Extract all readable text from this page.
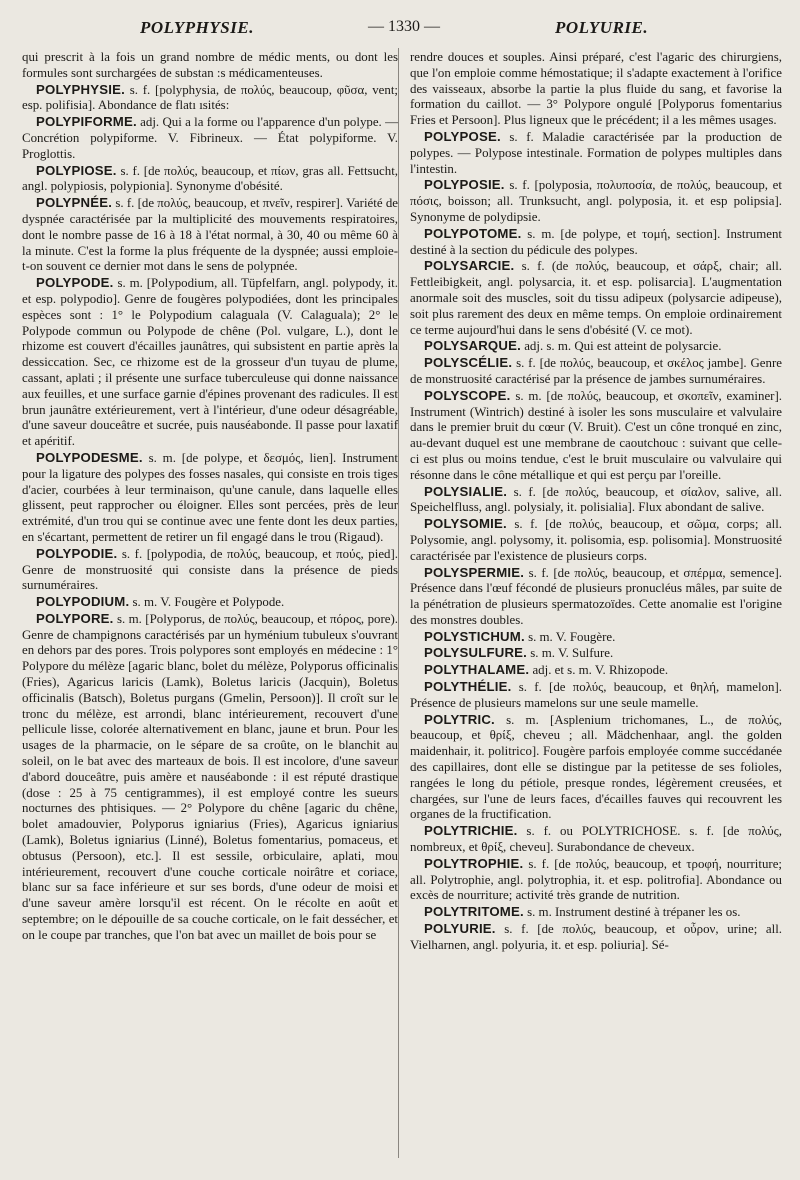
POLYPHYSIE.	— 1330 —	POLYURIE.

qui prescrit à la fois un grand nombre de médic ments, ou dont les formules sont surchargées de substan :s médicamenteuses.

POLYPHYSIE. s. f. [polyphysia, de πολύς, beaucoup, φῦσα, vent; esp. polifisia]. Abondance de flatı ısités:

POLYPIFORME. adj. Qui a la forme ou l'apparence d'un polype. — Concrétion polypiforme. V. Fibrineux. — État polypiforme. V. Proglottis.

POLYPIOSE. s. f. [de πολύς, beaucoup, et πίων, gras all. Fettsucht, angl. polypiosis, polypionia]. Synonyme d'obésité.

POLYPNÉE. s. f. [de πολύς, beaucoup, et πνεῖν, respirer]. Variété de dyspnée caractérisée par la multiplicité des mouvements respiratoires, dont le nombre passe de 16 à 18 à l'état normal, à 30, 40 ou même 60 à la minute. C'est la forme la plus fréquente de la dyspnée; aussi emploie-t-on souvent ce dernier mot dans le sens de polypnée.

POLYPODE. s. m. [Polypodium, all. Tüpfelfarn, angl. polypody, it. et esp. polypodio]. Genre de fougères polypodiées, dont les principales espèces sont : 1° le Polypodium calaguala (V. Calaguala); 2° le Polypode commun ou Polypode de chêne (Pol. vulgare, L.), dont le rhizome est couvert d'écailles jaunâtres, qui subsistent en partie après la dessiccation. Sec, ce rhizome est de la grosseur d'un tuyau de plume, cassant, aplati ; il présente une surface tuberculeuse qui donne naissance aux feuilles, et une surface garnie d'épines provenant des radicules. Il est brun jaunâtre extérieurement, vert à l'intérieur, d'une odeur désagréable, d'une saveur douceâtre et sucrée, puis nauséabonde. Il passe pour laxatif et apéritif.

POLYPODESME. s. m. [de polype, et δεσμός, lien]. Instrument pour la ligature des polypes des fosses nasales, qui consiste en trois tiges d'acier, courbées à leur terminaison, qu'une canule, dans laquelle elles glissent, peut rapprocher ou éloigner. Elles sont percées, près de leur extrémité, d'un trou qui se continue avec une fente dont les deux parties, en s'écartant, permettent de retirer un fil engagé dans le trou (Rigaud).

POLYPODIE. s. f. [polypodia, de πολύς, beaucoup, et πούς, pied]. Genre de monstruosité qui consiste dans la présence de pieds surnuméraires.

POLYPODIUM. s. m. V. Fougère et Polypode.

POLYPORE. s. m. [Polyporus, de πολύς, beaucoup, et πόρος, pore). Genre de champignons caractérisés par un hyménium tubuleux s'ouvrant en dehors par des pores. Trois polypores sont employés en médecine : 1° Polypore du mélèze [agaric blanc, bolet du mélèze, Polyporus officinalis (Fries), Agaricus laricis (Lamk), Boletus laricis (Jacquin), Boletus officinalis (Batsch), Boletus purgans (Gmelin, Persoon)]. Il croît sur le tronc du mélèze, est arrondi, blanc intérieurement, recouvert d'une pellicule lisse, colorée alternativement en blanc, jaune et brun. Pour les usages de la pharmacie, on le sépare de sa croûte, on le blanchit au soleil, on le bat avec des marteaux de bois. Il est incolore, d'une saveur d'abord douceâtre, puis amère et nauséabonde : il est réputé drastique (dose : 25 à 75 centigrammes), il est employé contre les sueurs nocturnes des phtisiques. — 2° Polypore du chêne [agaric du chêne, bolet amadouvier, Polyporus igniarius (Fries), Agaricus igniarius (Lamk), Boletus igniarius (Linné), Boletus fomentarius, pomaceus, et obtusus (Persoon), etc.]. Il est sessile, orbiculaire, aplati, mou intérieurement, recouvert d'une couche corticale noirâtre et coriace, blanc sur sa face inférieure et sur ses bords, d'une odeur de moisi et d'une saveur amère lorsqu'il est récent. On le récolte en août et septembre; on le dépouille de sa couche corticale, on le fait dessécher, et on le coupe par tranches, que l'on bat avec un maillet de bois pour se

rendre douces et souples. Ainsi préparé, c'est l'agaric des chirurgiens, que l'on emploie comme hémostatique; il s'adapte exactement à l'orifice des vaisseaux, absorbe la partie la plus fluide du sang, et favorise la formation du caillot. — 3° Polypore ongulé [Polyporus fomentarius Fries et Persoon]. Plus ligneux que le précédent; il a les mêmes usages.

POLYPOSE. s. f. Maladie caractérisée par la production de polypes. — Polypose intestinale. Formation de polypes multiples dans l'intestin.

POLYPOSIE. s. f. [polyposia, πολυποσία, de πολύς, beaucoup, et πόσις, boisson; all. Trunksucht, angl. polyposia, it. et esp polipsia]. Synonyme de polydipsie.

POLYPOTOME. s. m. [de polype, et τομή, section]. Instrument destiné à la section du pédicule des polypes.

POLYSARCIE. s. f. (de πολύς, beaucoup, et σάρξ, chair; all. Fettleibigkeit, angl. polysarcia, it. et esp. polisarcia]. L'augmentation anormale soit des muscles, soit du tissu adipeux (polysarcie adipeuse), soit plus rarement des deux en même temps. On emploie ordinairement ce terme aujourd'hui dans le sens d'obésité (V. ce mot).

POLYSARQUE. adj. s. m. Qui est atteint de polysarcie.

POLYSCÉLIE. s. f. [de πολύς, beaucoup, et σκέλος jambe]. Genre de monstruosité caractérisé par la présence de jambes surnuméraires.

POLYSCOPE. s. m. [de πολύς, beaucoup, et σκοπεῖν, examiner]. Instrument (Wintrich) destiné à isoler les sons musculaire et valvulaire dans le premier bruit du cœur (V. Bruit). C'est un cône tronqué en zinc, au-devant duquel est une membrane de caoutchouc : suivant que celle-ci est plus ou moins tendue, c'est le bruit musculaire ou valvulaire qui résonne dans le cône métallique et qui est perçu par l'oreille.

POLYSIALIE. s. f. [de πολύς, beaucoup, et σίαλον, salive, all. Speichelfluss, angl. polysialy, it. polisialia]. Flux abondant de salive.

POLYSOMIE. s. f. [de πολύς, beaucoup, et σῶμα, corps; all. Polysomie, angl. polysomy, it. polisomia, esp. polisomia]. Monstruosité caractérisée par l'existence de plusieurs corps.

POLYSPERMIE. s. f. [de πολύς, beaucoup, et σπέρμα, semence]. Présence dans l'œuf fécondé de plusieurs pronucléus mâles, par suite de la pénétration de plusieurs spermatozoïdes. Cette anomalie est l'origine des monstres doubles.

POLYSTICHUM. s. m. V. Fougère.

POLYSULFURE. s. m. V. Sulfure.

POLYTHALAME. adj. et s. m. V. Rhizopode.

POLYTHÉLIE. s. f. [de πολύς, beaucoup, et θηλή, mamelon]. Présence de plusieurs mamelons sur une seule mamelle.

POLYTRIC. s. m. [Asplenium trichomanes, L., de πολύς, beaucoup, et θρίξ, cheveu ; all. Mädchenhaar, angl. the golden maidenhair, it. politrico]. Fougère parfois employée comme succédanée des capillaires, dont elle se distingue par la petitesse de ses folioles, rangées le long du pétiole, presque rondes, légèrement creusées, et chargées, sur l'une de leurs faces, d'écailles fauves qui recouvrent les organes de la fructification.

POLYTRICHIE. s. f. ou POLYTRICHOSE. s. f. [de πολύς, nombreux, et θρίξ, cheveu]. Surabondance de cheveux.

POLYTROPHIE. s. f. [de πολύς, beaucoup, et τροφή, nourriture; all. Polytrophie, angl. polytrophia, it. et esp. politrofia]. Abondance ou excès de nourriture; activité très grande de nutrition.

POLYTRITOME. s. m. Instrument destiné à trépaner les os.

POLYURIE. s. f. [de πολύς, beaucoup, et οὖρον, urine; all. Vielharnen, angl. polyuria, it. et esp. poliuria]. Sé-
